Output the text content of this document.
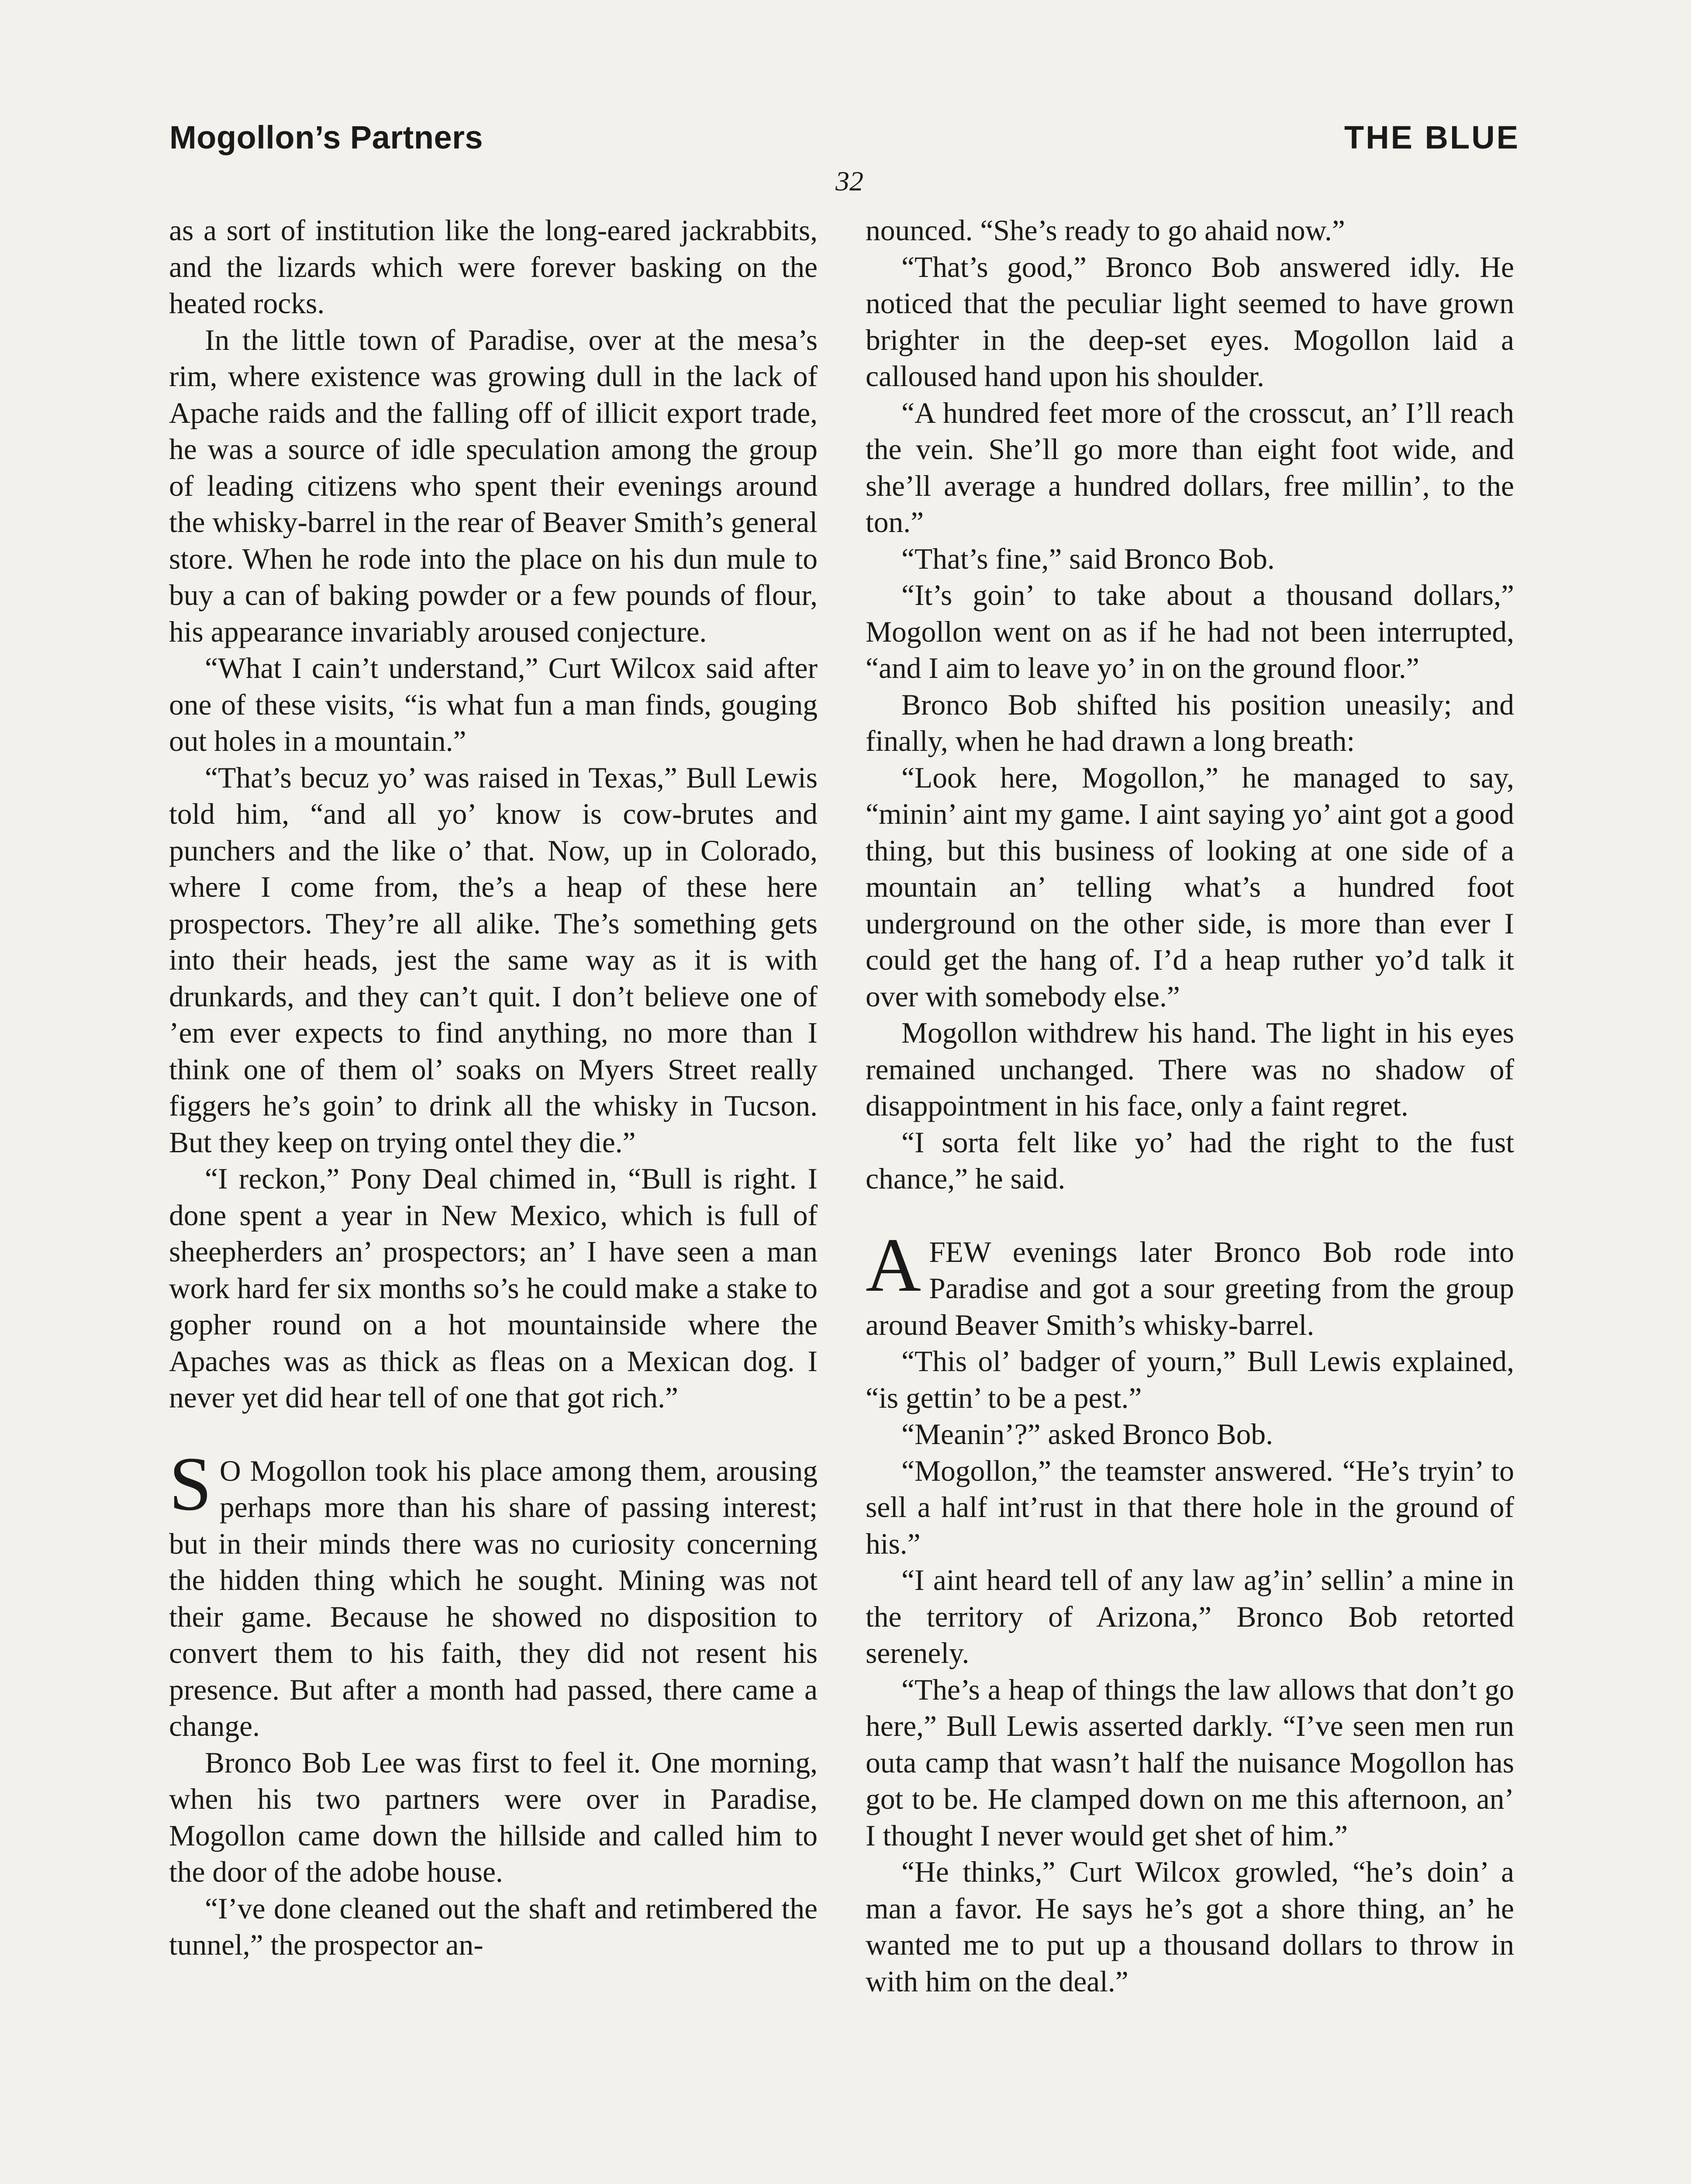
Mogollon’s Partners	THE BLUE
32

as a sort of institution like the long-eared jackrabbits, and the lizards which were forever basking on the heated rocks.

In the little town of Paradise, over at the mesa’s rim, where existence was growing dull in the lack of Apache raids and the falling off of illicit export trade, he was a source of idle speculation among the group of leading citizens who spent their evenings around the whisky-barrel in the rear of Beaver Smith’s general store. When he rode into the place on his dun mule to buy a can of baking powder or a few pounds of flour, his appearance invariably aroused conjecture.

“What I cain’t understand,” Curt Wilcox said after one of these visits, “is what fun a man finds, gouging out holes in a mountain.”

“That’s becuz yo’ was raised in Texas,” Bull Lewis told him, “and all yo’ know is cow-brutes and punchers and the like o’ that. Now, up in Colorado, where I come from, the’s a heap of these here prospectors. They’re all alike. The’s something gets into their heads, jest the same way as it is with drunkards, and they can’t quit. I don’t believe one of ’em ever expects to find anything, no more than I think one of them ol’ soaks on Myers Street really figgers he’s goin’ to drink all the whisky in Tucson. But they keep on trying ontel they die.”

“I reckon,” Pony Deal chimed in, “Bull is right. I done spent a year in New Mexico, which is full of sheepherders an’ prospectors; an’ I have seen a man work hard fer six months so’s he could make a stake to gopher round on a hot mountainside where the Apaches was as thick as fleas on a Mexican dog. I never yet did hear tell of one that got rich.”

S O Mogollon took his place among them, arousing perhaps more than his share of passing interest; but in their minds there was no curiosity concerning the hidden thing which he sought. Mining was not their game. Because he showed no disposition to convert them to his faith, they did not resent his presence. But after a month had passed, there came a change.

Bronco Bob Lee was first to feel it. One morning, when his two partners were over in Paradise, Mogollon came down the hillside and called him to the door of the adobe house.

“I’ve done cleaned out the shaft and retimbered the tunnel,” the prospector an-

nounced. “She’s ready to go ahaid now.”

“That’s good,” Bronco Bob answered idly. He noticed that the peculiar light seemed to have grown brighter in the deep-set eyes. Mogollon laid a calloused hand upon his shoulder.

“A hundred feet more of the crosscut, an’ I’ll reach the vein. She’ll go more than eight foot wide, and she’ll average a hundred dollars, free millin’, to the ton.”

“That’s fine,” said Bronco Bob.

“It’s goin’ to take about a thousand dollars,” Mogollon went on as if he had not been interrupted, “and I aim to leave yo’ in on the ground floor.”

Bronco Bob shifted his position uneasily; and finally, when he had drawn a long breath:

“Look here, Mogollon,” he managed to say, “minin’ aint my game. I aint saying yo’ aint got a good thing, but this business of looking at one side of a mountain an’ telling what’s a hundred foot underground on the other side, is more than ever I could get the hang of. I’d a heap ruther yo’d talk it over with somebody else.”

Mogollon withdrew his hand. The light in his eyes remained unchanged. There was no shadow of disappointment in his face, only a faint regret.

“I sorta felt like yo’ had the right to the fust chance,” he said.

AFEW evenings later Bronco Bob rode into Paradise and got a sour greeting from the group around Beaver Smith’s whisky-barrel.

“This ol’ badger of yourn,” Bull Lewis explained, “is gettin’ to be a pest.”

“Meanin’?” asked Bronco Bob.

“Mogollon,” the teamster answered. “He’s tryin’ to sell a half int’rust in that there hole in the ground of his.”

“I aint heard tell of any law ag’in’ sellin’ a mine in the territory of Arizona,” Bronco Bob retorted serenely.

“The’s a heap of things the law allows that don’t go here,” Bull Lewis asserted darkly. “I’ve seen men run outa camp that wasn’t half the nuisance Mogollon has got to be. He clamped down on me this afternoon, an’ I thought I never would get shet of him.”

“He thinks,” Curt Wilcox growled, “he’s doin’ a man a favor. He says he’s got a shore thing, an’ he wanted me to put up a thousand dollars to throw in with him on the deal.”
